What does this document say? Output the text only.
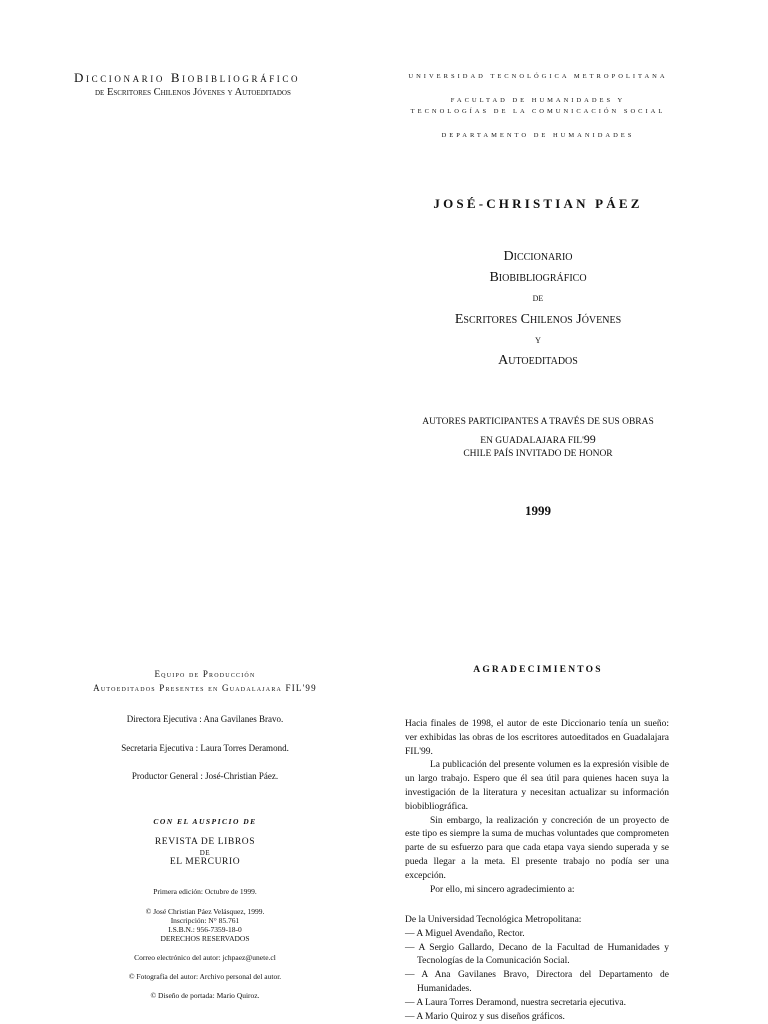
Diccionario Biobibliográfico
de Escritores Chilenos Jóvenes y Autoeditados
UNIVERSIDAD TECNOLÓGICA METROPOLITANA
FACULTAD DE HUMANIDADES Y
TECNOLOGÍAS DE LA COMUNICACIÓN SOCIAL
DEPARTAMENTO DE HUMANIDADES
JOSÉ-CHRISTIAN PÁEZ
Diccionario
Biobibliográfico
de
Escritores Chilenos Jóvenes
y
Autoeditados
AUTORES PARTICIPANTES A TRAVÉS DE SUS OBRAS
EN GUADALAJARA FIL'99
CHILE PAÍS INVITADO DE HONOR
1999
Equipo de Producción
Autoeditados Presentes en Guadalajara FIL'99
Directora Ejecutiva : Ana Gavilanes Bravo.
Secretaria Ejecutiva : Laura Torres Deramond.
Productor General : José-Christian Páez.
CON EL AUSPICIO DE
REVISTA DE LIBROS
DE
EL MERCURIO
Primera edición: Octubre de 1999.
© José Christian Páez Velásquez, 1999.
Inscripción: N° 85.761
I.S.B.N.: 956-7359-18-0
DERECHOS RESERVADOS
Correo electrónico del autor: jchpaez@unete.cl
© Fotografía del autor: Archivo personal del autor.
© Diseño de portada: Mario Quiroz.
AGRADECIMIENTOS

Hacia finales de 1998, el autor de este Diccionario tenía un sueño: ver exhibidas las obras de los escritores autoeditados en Guadalajara FIL'99.

La publicación del presente volumen es la expresión visible de un largo trabajo. Espero que él sea útil para quienes hacen suya la investigación de la literatura y necesitan actualizar su información biobibliográfica.

Sin embargo, la realización y concreción de un proyecto de este tipo es siempre la suma de muchas voluntades que comprometen parte de su esfuerzo para que cada etapa vaya siendo superada y se pueda llegar a la meta. El presente trabajo no podía ser una excepción.

Por ello, mi sincero agradecimiento a:

De la Universidad Tecnológica Metropolitana:
— A Miguel Avendaño, Rector.
— A Sergio Gallardo, Decano de la Facultad de Humanidades y Tecnologías de la Comunicación Social.
— A Ana Gavilanes Bravo, Directora del Departamento de Humanidades.
— A Laura Torres Deramond, nuestra secretaria ejecutiva.
— A Mario Quiroz y sus diseños gráficos.
